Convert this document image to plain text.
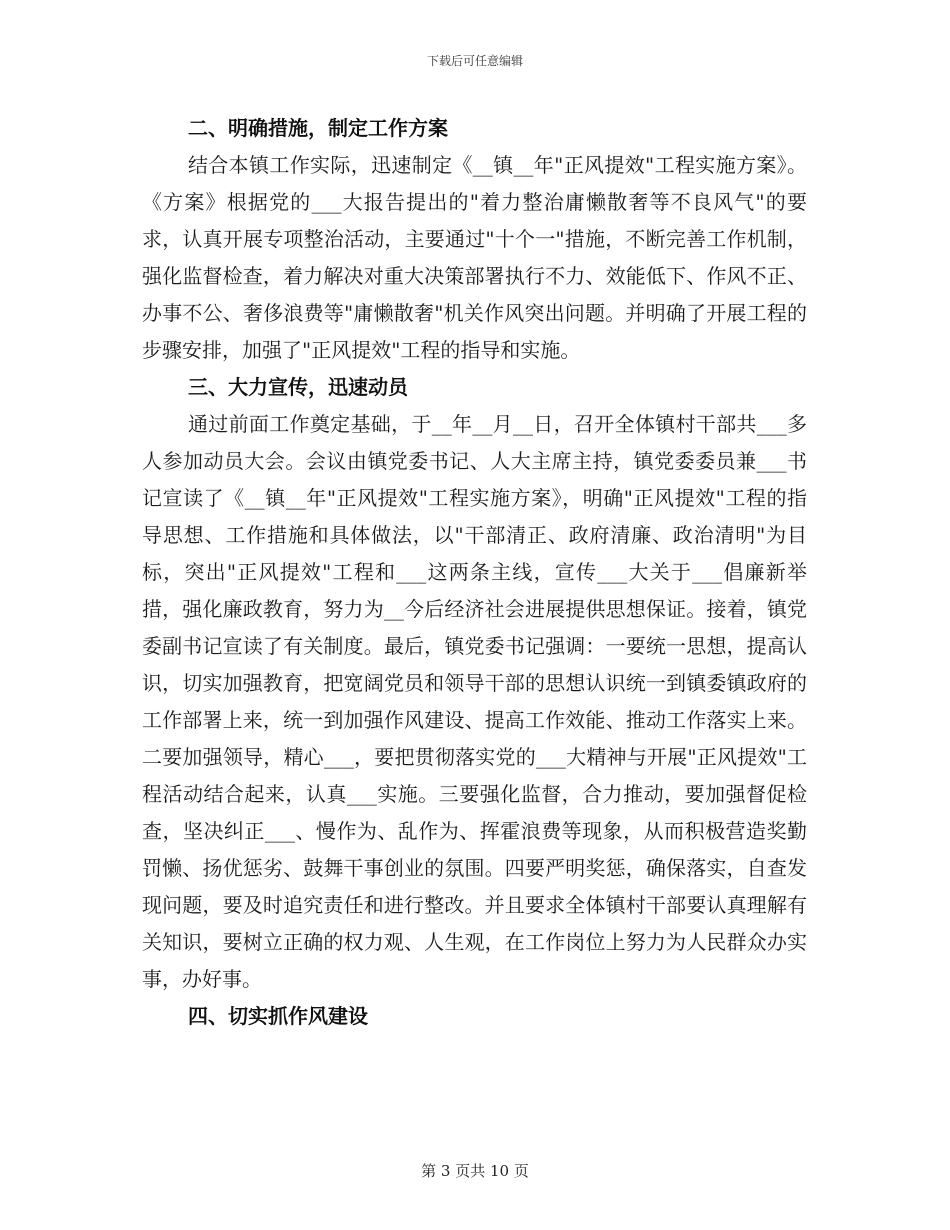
下载后可任意编辑
二、明确措施，制定工作方案

结合本镇工作实际，迅速制定《__镇__年"正风提效"工程实施方案》。《方案》根据党的___大报告提出的"着力整治庸懒散奢等不良风气"的要求，认真开展专项整治活动，主要通过"十个一"措施，不断完善工作机制，强化监督检查，着力解决对重大决策部署执行不力、效能低下、作风不正、办事不公、奢侈浪费等"庸懒散奢"机关作风突出问题。并明确了开展工程的步骤安排，加强了"正风提效"工程的指导和实施。

三、大力宣传，迅速动员

通过前面工作奠定基础，于__年__月__日，召开全体镇村干部共___多人参加动员大会。会议由镇党委书记、人大主席主持，镇党委委员兼___书记宣读了《__镇__年"正风提效"工程实施方案》，明确"正风提效"工程的指导思想、工作措施和具体做法，以"干部清正、政府清廉、政治清明"为目标，突出"正风提效"工程和___这两条主线，宣传___大关于___倡廉新举措，强化廉政教育，努力为__今后经济社会进展提供思想保证。接着，镇党委副书记宣读了有关制度。最后，镇党委书记强调：一要统一思想，提高认识，切实加强教育，把宽阔党员和领导干部的思想认识统一到镇委镇政府的工作部署上来，统一到加强作风建设、提高工作效能、推动工作落实上来。二要加强领导，精心___，要把贯彻落实党的___大精神与开展"正风提效"工程活动结合起来，认真___实施。三要强化监督，合力推动，要加强督促检查，坚决纠正___、慢作为、乱作为、挥霍浪费等现象，从而积极营造奖勤罚懒、扬优惩劣、鼓舞干事创业的氛围。四要严明奖惩，确保落实，自查发现问题，要及时追究责任和进行整改。并且要求全体镇村干部要认真理解有关知识，要树立正确的权力观、人生观，在工作岗位上努力为人民群众办实事，办好事。

四、切实抓作风建设
第 3 页共 10 页
